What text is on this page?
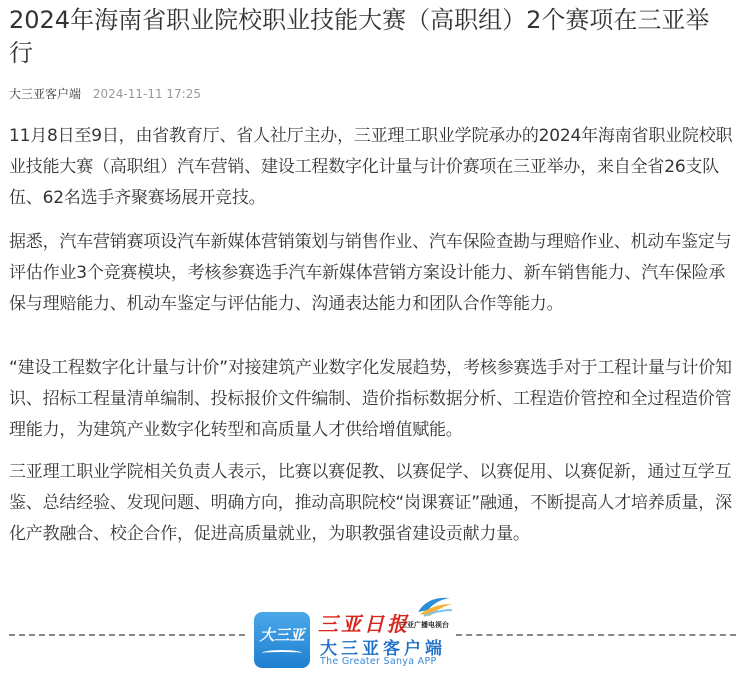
2024年海南省职业院校职业技能大赛（高职组）2个赛项在三亚举行
大三亚客户端 2024-11-11 17:25

11月8日至9日，由省教育厅、省人社厅主办，三亚理工职业学院承办的2024年海南省职业院校职业技能大赛（高职组）汽车营销、建设工程数字化计量与计价赛项在三亚举办，来自全省26支队伍、62名选手齐聚赛场展开竞技。

据悉，汽车营销赛项设汽车新媒体营销策划与销售作业、汽车保险查勘与理赔作业、机动车鉴定与评估作业3个竞赛模块，考核参赛选手汽车新媒体营销方案设计能力、新车销售能力、汽车保险承保与理赔能力、机动车鉴定与评估能力、沟通表达能力和团队合作等能力。

“建设工程数字化计量与计价”对接建筑产业数字化发展趋势，考核参赛选手对于工程计量与计价知识、招标工程量清单编制、投标报价文件编制、造价指标数据分析、工程造价管控和全过程造价管理能力，为建筑产业数字化转型和高质量人才供给增值赋能。

三亚理工职业学院相关负责人表示，比赛以赛促教、以赛促学、以赛促用、以赛促新，通过互学互鉴、总结经验、发现问题、明确方向，推动高职院校“岗课赛证”融通，不断提高人才培养质量，深化产教融合、校企合作，促进高质量就业，为职教强省建设贡献力量。

大三亚 三亚日报
三亚广播电视台
大三亚客户端
The Greater Sanya APP
